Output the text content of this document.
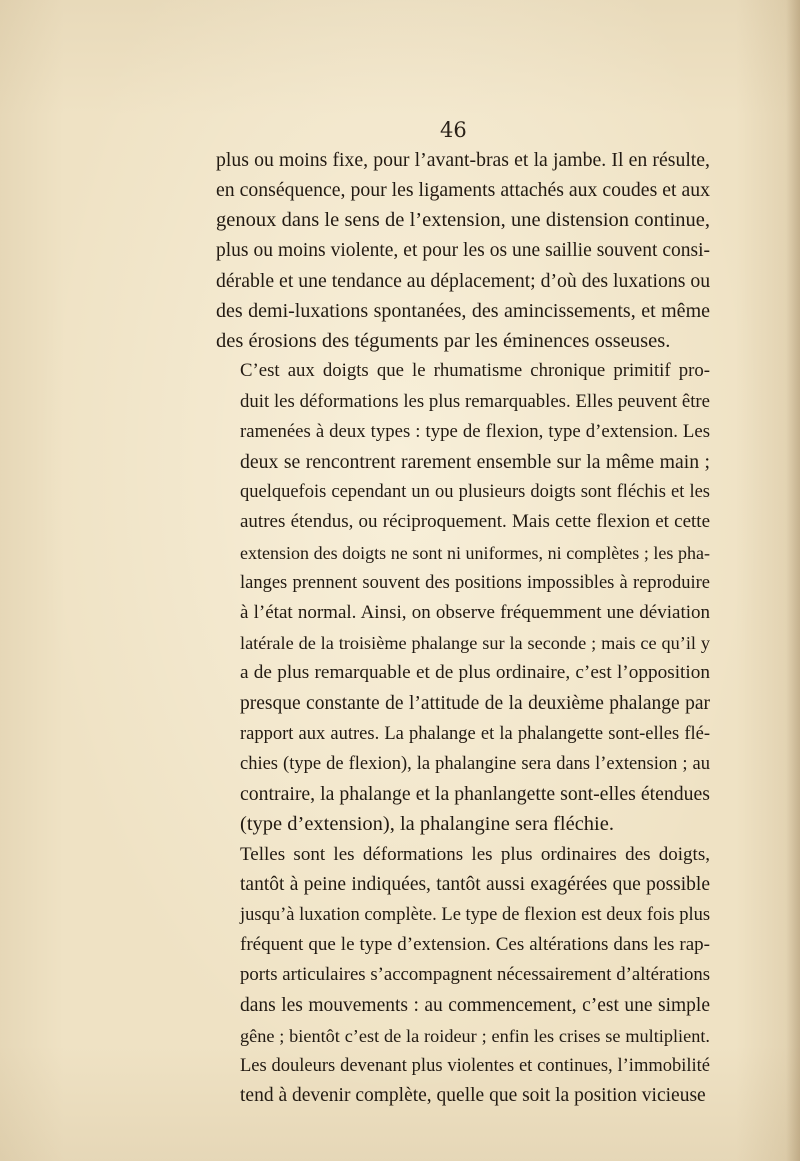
46
plus ou moins fixe, pour l’avant-bras et la jambe. Il en résulte,
en conséquence, pour les ligaments attachés aux coudes et aux
genoux dans le sens de l’extension, une distension continue,
plus ou moins violente, et pour les os une saillie souvent consi-
dérable et une tendance au déplacement; d’où des luxations ou
des demi-luxations spontanées, des amincissements, et même
des érosions des téguments par les éminences osseuses.
C’est aux doigts que le rhumatisme chronique primitif pro-
duit les déformations les plus remarquables. Elles peuvent être
ramenées à deux types : type de flexion, type d’extension. Les
deux se rencontrent rarement ensemble sur la même main ;
quelquefois cependant un ou plusieurs doigts sont fléchis et les
autres étendus, ou réciproquement. Mais cette flexion et cette
extension des doigts ne sont ni uniformes, ni complètes ; les pha-
langes prennent souvent des positions impossibles à reproduire
à l’état normal. Ainsi, on observe fréquemment une déviation
latérale de la troisième phalange sur la seconde ; mais ce qu’il y
a de plus remarquable et de plus ordinaire, c’est l’opposition
presque constante de l’attitude de la deuxième phalange par
rapport aux autres. La phalange et la phalangette sont-elles flé-
chies (type de flexion), la phalangine sera dans l’extension ; au
contraire, la phalange et la phanlangette sont-elles étendues
(type d’extension), la phalangine sera fléchie.
Telles sont les déformations les plus ordinaires des doigts,
tantôt à peine indiquées, tantôt aussi exagérées que possible
jusqu’à luxation complète. Le type de flexion est deux fois plus
fréquent que le type d’extension. Ces altérations dans les rap-
ports articulaires s’accompagnent nécessairement d’altérations
dans les mouvements : au commencement, c’est une simple
gêne ; bientôt c’est de la roideur ; enfin les crises se multiplient.
Les douleurs devenant plus violentes et continues, l’immobilité
tend à devenir complète, quelle que soit la position vicieuse
